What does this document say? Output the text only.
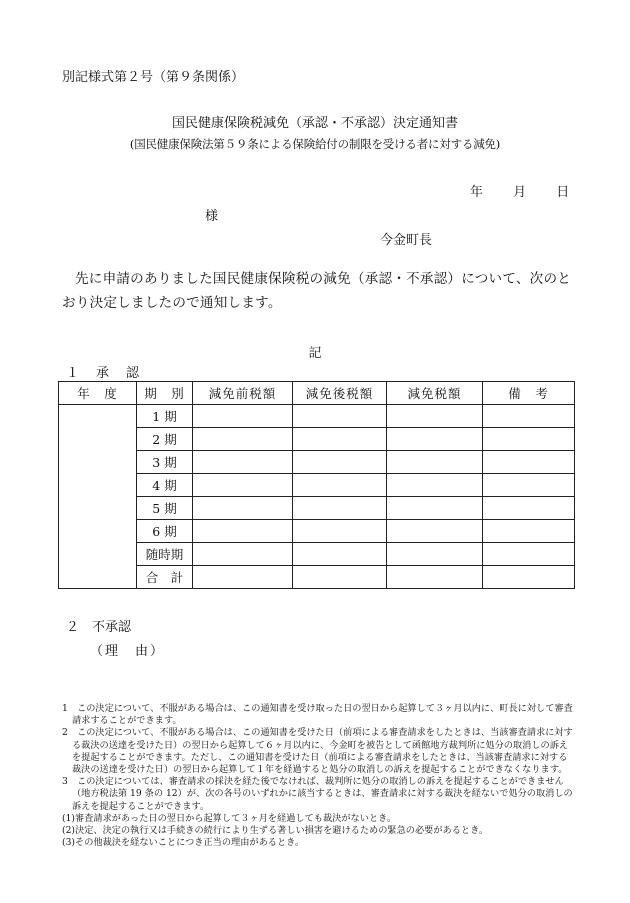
別記様式第２号（第９条関係）
国民健康保険税減免（承認・不承認）決定通知書
(国民健康保険法第５９条による保険給付の制限を受ける者に対する減免)
年 月 日
様
今金町長
先に申請のありました国民健康保険税の減免（承認・不承認）について、次のとおり決定しましたので通知します。
記
１　承　認
年　度	期　別	減免前税額	減免後税額	減免税額	備　考
	1 期				
	2 期				
	3 期				
	4 期				
	5 期				
	6 期				
	随時期				
	合　計				
２　不承認
（理　由）

1　この決定について、不服がある場合は、この通知書を受け取った日の翌日から起算して３ヶ月以内に、町長に対して審査請求することができます。

2　この決定について、不服がある場合は、この通知書を受けた日（前項による審査請求をしたときは、当該審査請求に対する裁決の送達を受けた日）の翌日から起算して６ヶ月以内に、今金町を被告として函館地方裁判所に処分の取消しの訴えを提起することができます。ただし、この通知書を受けた日（前項による審査請求をしたときは、当該審査請求に対する裁決の送達を受けた日）の翌日から起算して１年を経過すると処分の取消しの訴えを提起することができなくなります。

3　この決定については、審査請求の採決を経た後でなければ、裁判所に処分の取消しの訴えを提起することができません（地方税法第 19 条の 12）が、次の各号のいずれかに該当するときは、審査請求に対する裁決を経ないで処分の取消しの訴えを提起することができます。

(1)審査請求があった日の翌日から起算して３ヶ月を経過しても裁決がないとき。

(2)決定、決定の執行又は手続きの続行により生ずる著しい損害を避けるための緊急の必要があるとき。

(3)その他裁決を経ないことにつき正当の理由があるとき。
